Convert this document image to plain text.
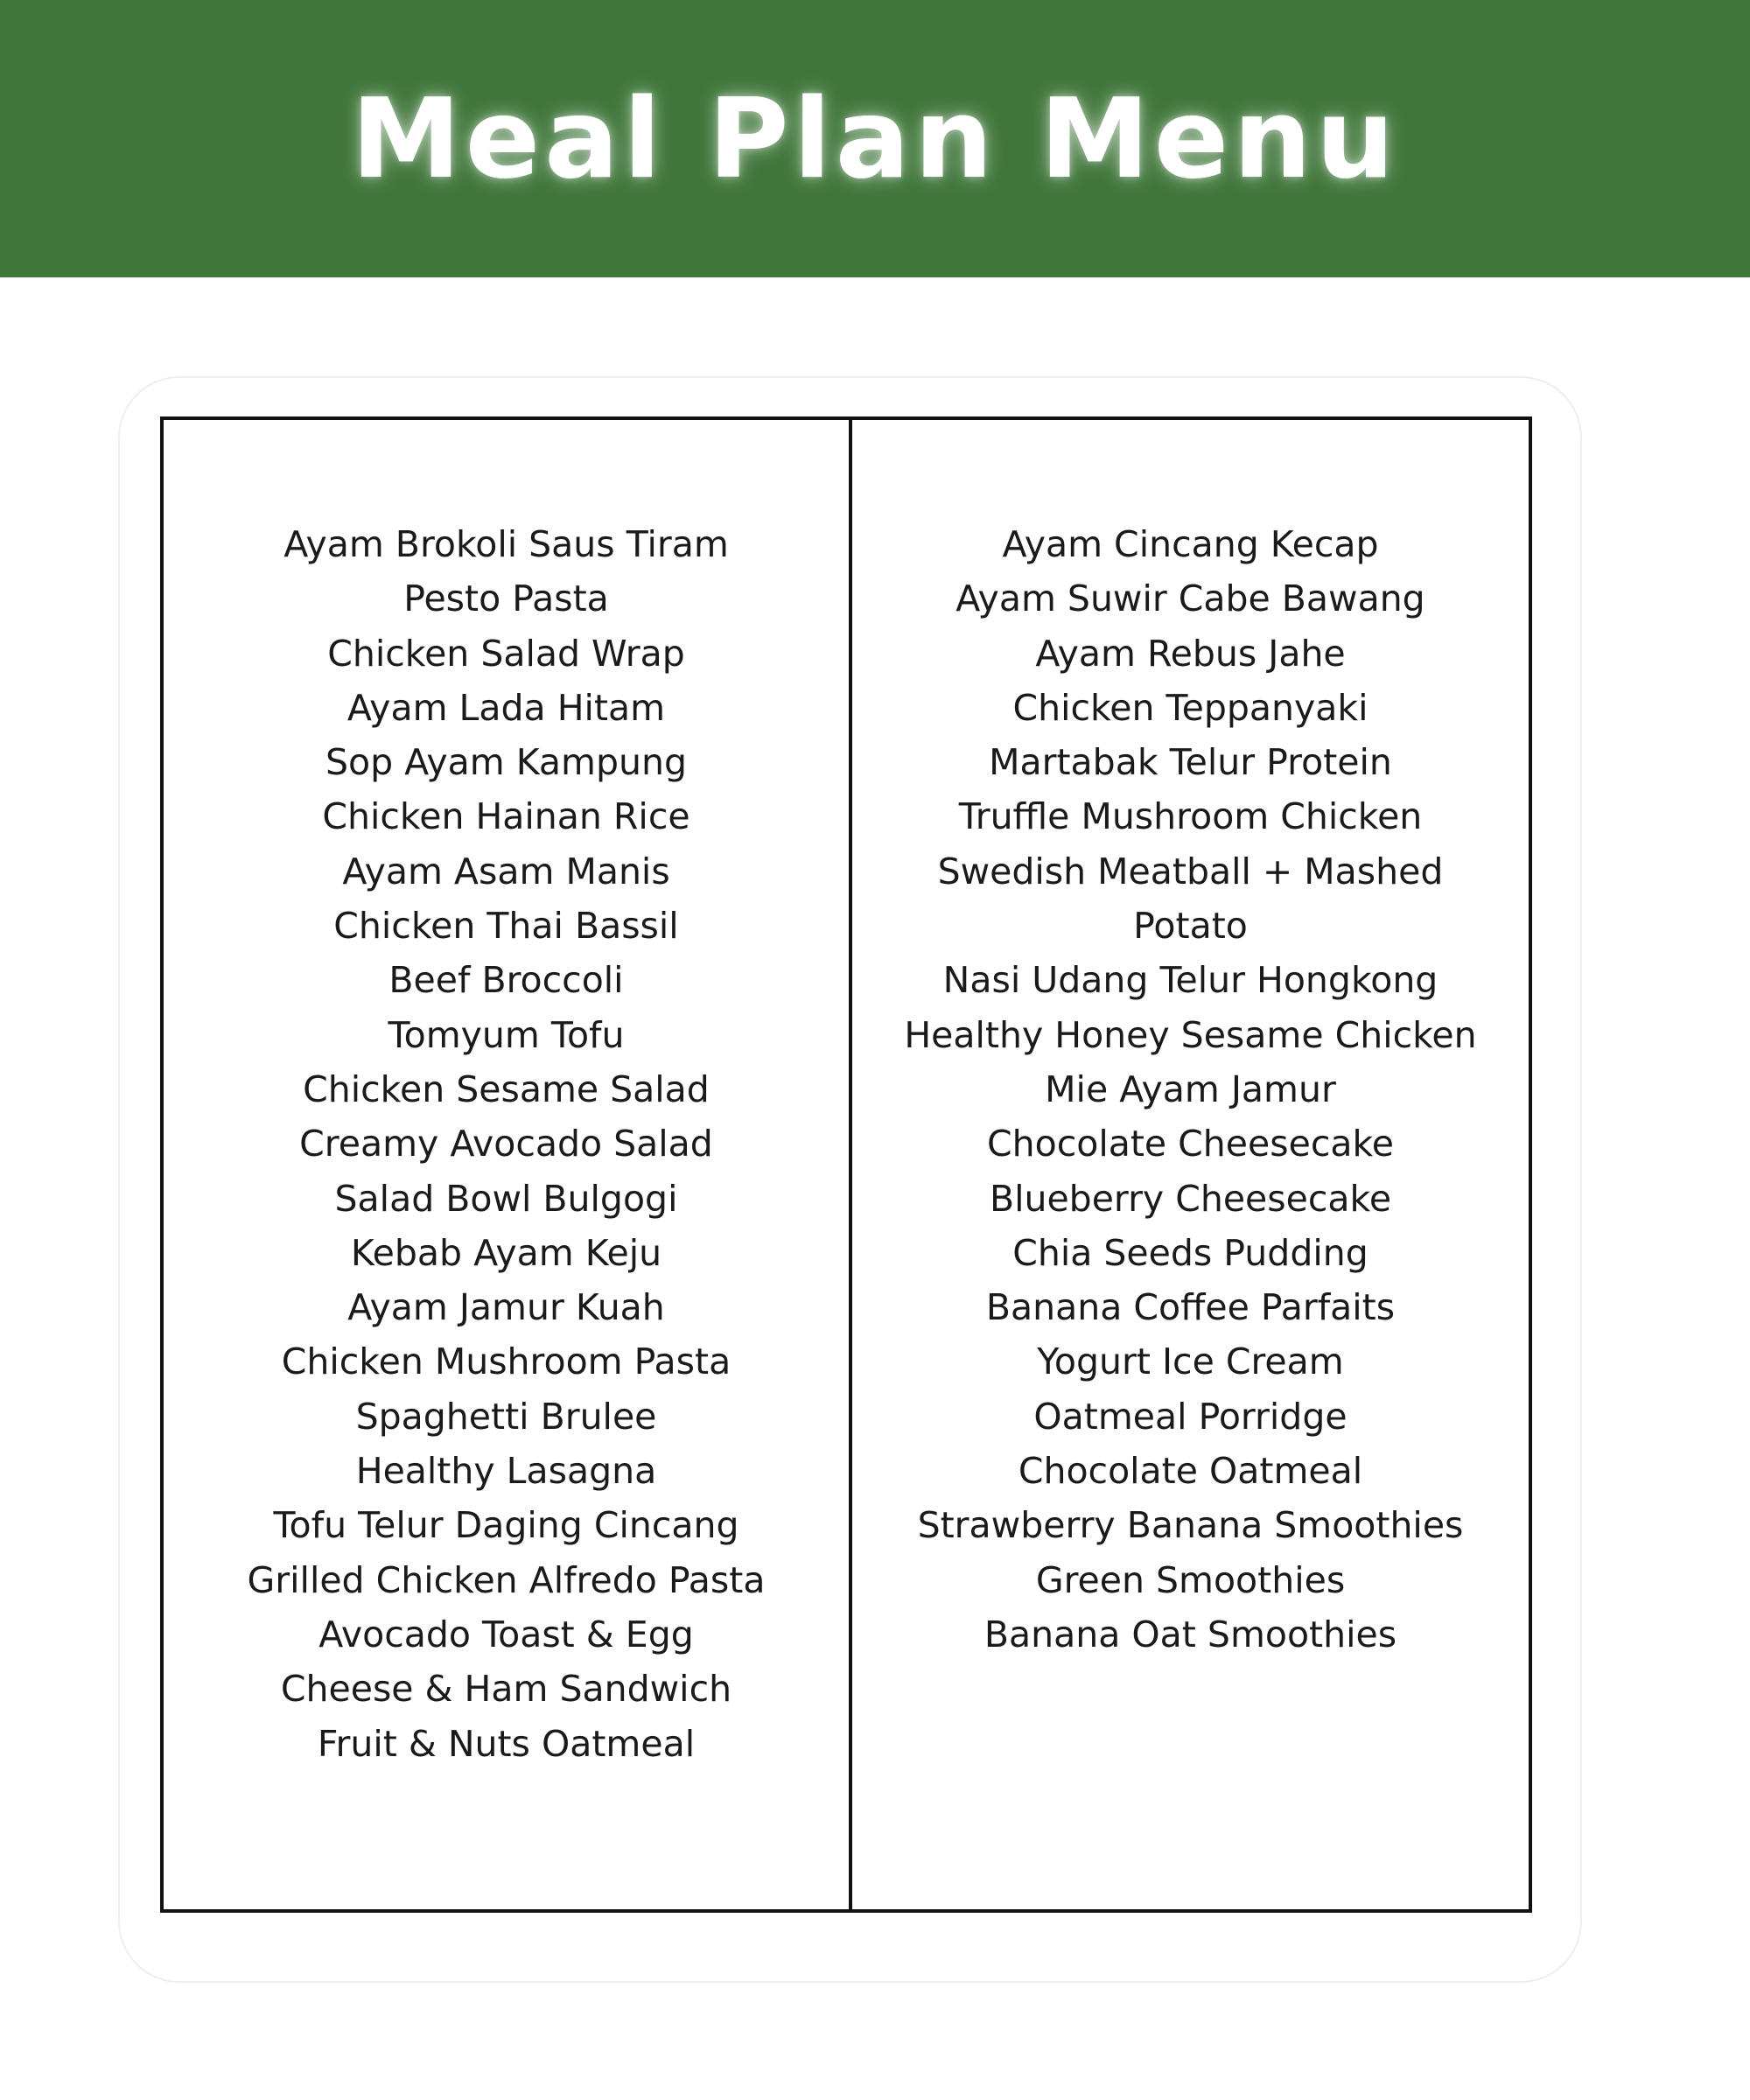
Meal Plan Menu
Ayam Brokoli Saus Tiram
Pesto Pasta
Chicken Salad Wrap
Ayam Lada Hitam
Sop Ayam Kampung
Chicken Hainan Rice
Ayam Asam Manis
Chicken Thai Bassil
Beef Broccoli
Tomyum Tofu
Chicken Sesame Salad
Creamy Avocado Salad
Salad Bowl Bulgogi
Kebab Ayam Keju
Ayam Jamur Kuah
Chicken Mushroom Pasta
Spaghetti Brulee
Healthy Lasagna
Tofu Telur Daging Cincang
Grilled Chicken Alfredo Pasta
Avocado Toast & Egg
Cheese & Ham Sandwich
Fruit & Nuts Oatmeal
Ayam Cincang Kecap
Ayam Suwir Cabe Bawang
Ayam Rebus Jahe
Chicken Teppanyaki
Martabak Telur Protein
Truffle Mushroom Chicken
Swedish Meatball + Mashed
Potato
Nasi Udang Telur Hongkong
Healthy Honey Sesame Chicken
Mie Ayam Jamur
Chocolate Cheesecake
Blueberry Cheesecake
Chia Seeds Pudding
Banana Coffee Parfaits
Yogurt Ice Cream
Oatmeal Porridge
Chocolate Oatmeal
Strawberry Banana Smoothies
Green Smoothies
Banana Oat Smoothies
